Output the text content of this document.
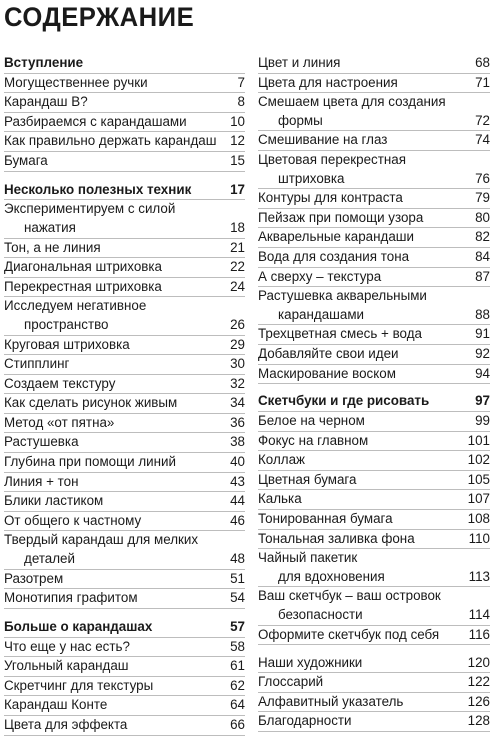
СОДЕРЖАНИЕ
Вступление
Могущественнее ручки	7
Карандаш B?	8
Разбираемся с карандашами	10
Как правильно держать карандаш 12
Бумага	15
Несколько полезных техник	17
Экспериментируем с силой
нажатия	18
Тон, а не линия	21
Диагональная штриховка	22
Перекрестная штриховка	24
Исследуем негативное
пространство	26
Круговая штриховка	29
Стипплинг	30
Создаем текстуру	32
Как сделать рисунок живым	34
Метод «от пятна»	36
Растушевка	38
Глубина при помощи линий	40
Линия + тон	43
Блики ластиком	44
От общего к частному	46
Твердый карандаш для мелких
деталей	48
Разотрем	51
Монотипия графитом	54
Больше о карандашах	57
Что еще у нас есть?	58
Угольный карандаш	61
Скретчинг для текстуры	62
Карандаш Конте	64
Цвета для эффекта	66
Цвет и линия	68
Цвета для настроения	71
Смешаем цвета для создания
формы	72
Смешивание на глаз	74
Цветовая перекрестная
штриховка	76
Контуры для контраста	79
Пейзаж при помощи узора	80
Акварельные карандаши	82
Вода для создания тона	84
А сверху – текстура	87
Растушевка акварельными
карандашами	88
Трехцветная смесь + вода	91
Добавляйте свои идеи	92
Маскирование воском	94
Скетчбуки и где рисовать	97
Белое на черном	99
Фокус на главном	101
Коллаж	102
Цветная бумага	105
Калька	107
Тонированная бумага	108
Тональная заливка фона	110
Чайный пакетик
для вдохновения	113
Ваш скетчбук – ваш островок
безопасности	114
Оформите скетчбук под себя 116
Наши художники	120
Глоссарий	122
Алфавитный указатель	126
Благодарности	128
